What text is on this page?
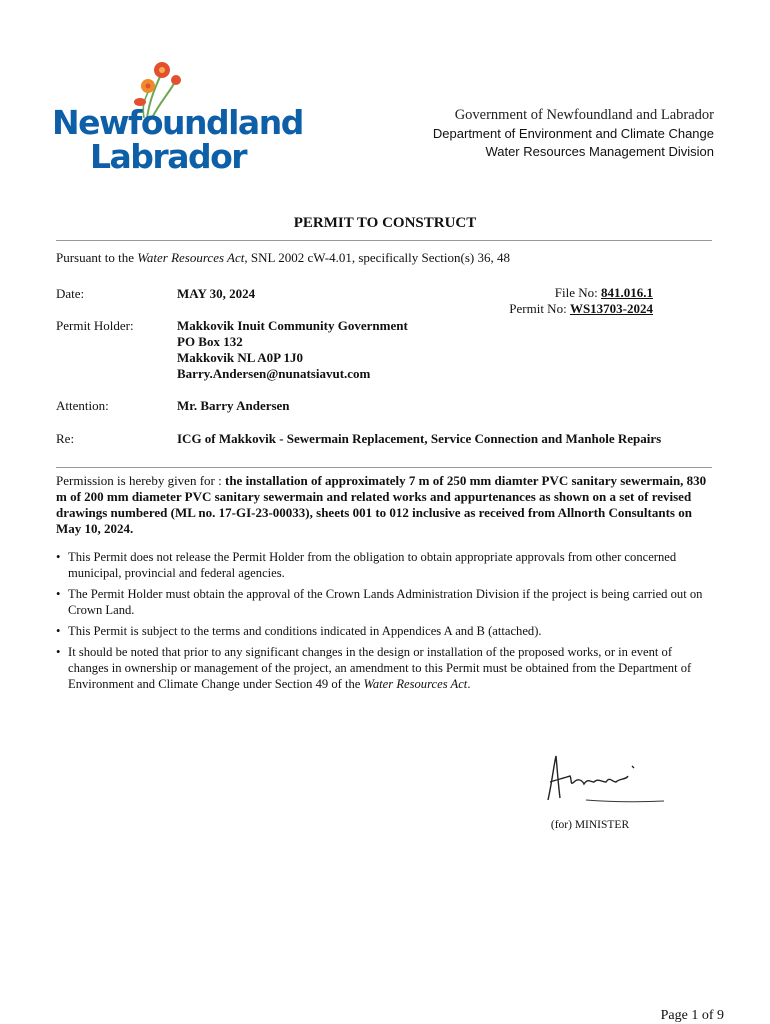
Newfoundland
Labrador
Government of Newfoundland and Labrador
Department of Environment and Climate Change
Water Resources Management Division
PERMIT TO CONSTRUCT
Pursuant to the Water Resources Act, SNL 2002 cW-4.01, specifically Section(s) 36, 48
Date:	MAY 30, 2024	File No: 841.016.1
Permit No: WS13703-2024
Permit Holder:	Makkovik Inuit Community Government
PO Box 132
Makkovik NL A0P 1J0
Barry.Andersen@nunatsiavut.com
Attention:	Mr. Barry Andersen
Re:	ICG of Makkovik - Sewermain Replacement, Service Connection and Manhole Repairs
Permission is hereby given for : the installation of approximately 7 m of 250 mm diamter PVC sanitary sewermain, 830 m of 200 mm diameter PVC sanitary sewermain and related works and appurtenances as shown on a set of revised drawings numbered (ML no. 17-GI-23-00033), sheets 001 to 012 inclusive as received from Allnorth Consultants on May 10, 2024.
• This Permit does not release the Permit Holder from the obligation to obtain appropriate approvals from other concerned municipal, provincial and federal agencies.
• The Permit Holder must obtain the approval of the Crown Lands Administration Division if the project is being carried out on Crown Land.
• This Permit is subject to the terms and conditions indicated in Appendices A and B (attached).
• It should be noted that prior to any significant changes in the design or installation of the proposed works, or in event of changes in ownership or management of the project, an amendment to this Permit must be obtained from the Department of Environment and Climate Change under Section 49 of the Water Resources Act.
(for) MINISTER
Page 1 of 9
